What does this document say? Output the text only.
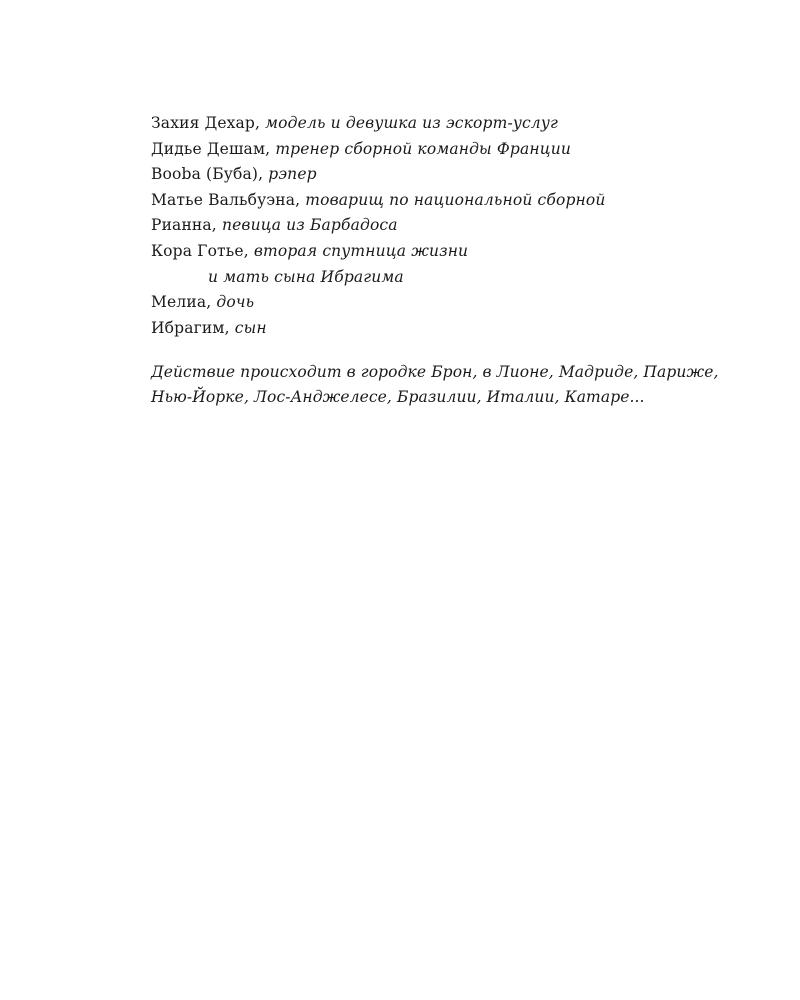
Захия Дехар, модель и девушка из эскорт-услуг
Дидье Дешам, тренер сборной команды Франции
Booba (Буба), рэпер
Матье Вальбуэна, товарищ по национальной сборной
Рианна, певица из Барбадоса
Кора Готье, вторая спутница жизни
и мать сына Ибрагима
Мелиа, дочь
Ибрагим, сын
Действие происходит в городке Брон, в Лионе, Мадриде, Париже,
Нью-Йорке, Лос-Анджелесе, Бразилии, Италии, Катаре...
